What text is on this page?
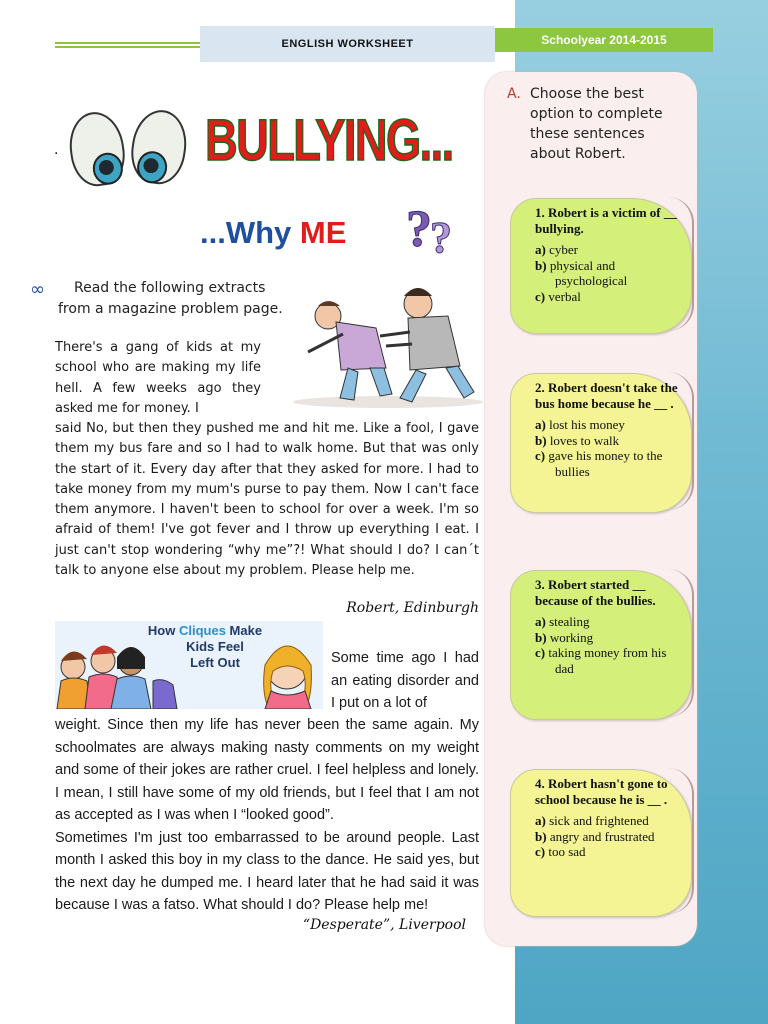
ENGLISH WORKSHEET	Schoolyear 2014-2015
.	BULLYING...
...Why ME ?
?
∞	Read the following extracts from a magazine problem page.
There's a gang of kids at my school who are making my life hell. A few weeks ago they asked me for money. I
said No, but then they pushed me and hit me. Like a fool, I gave them my bus fare and so I had to walk home. But that was only the start of it. Every day after that they asked for more. I had to take money from my mum's purse to pay them. Now I can't face them anymore. I haven't been to school for over a week. I'm so afraid of them! I've got fever and I throw up everything I eat. I just can't stop wondering “why me”?! What should I do? I can´t talk to anyone else about my problem. Please help me.
Robert, Edinburgh
How Cliques Make
Kids Feel
Left Out	Some time ago I had an eating disorder and I put on a lot of
weight. Since then my life has never been the same again. My schoolmates are always making nasty comments on my weight and some of their jokes are rather cruel. I feel helpless and lonely. I mean, I still have some of my old friends, but I feel that I am not as accepted as I was when I “looked good”.
Sometimes I'm just too embarrassed to be around people. Last month I asked this boy in my class to the dance. He said yes, but the next day he dumped me. I heard later that he had said it was because I was a fatso. What should I do? Please help me!
“Desperate”, Liverpool
A. Choose the best option to complete these sentences about Robert.
1. Robert is a victim of __ bullying.
a) cyber
b) physical and psychological
c) verbal
2. Robert doesn't take the bus home because he __ .
a) lost his money
b) loves to walk
c) gave his money to the bullies
3. Robert started __ because of the bullies.
a) stealing
b) working
c) taking money from his dad
4. Robert hasn't gone to school because he is __ .
a) sick and frightened
b) angry and frustrated
c) too sad
